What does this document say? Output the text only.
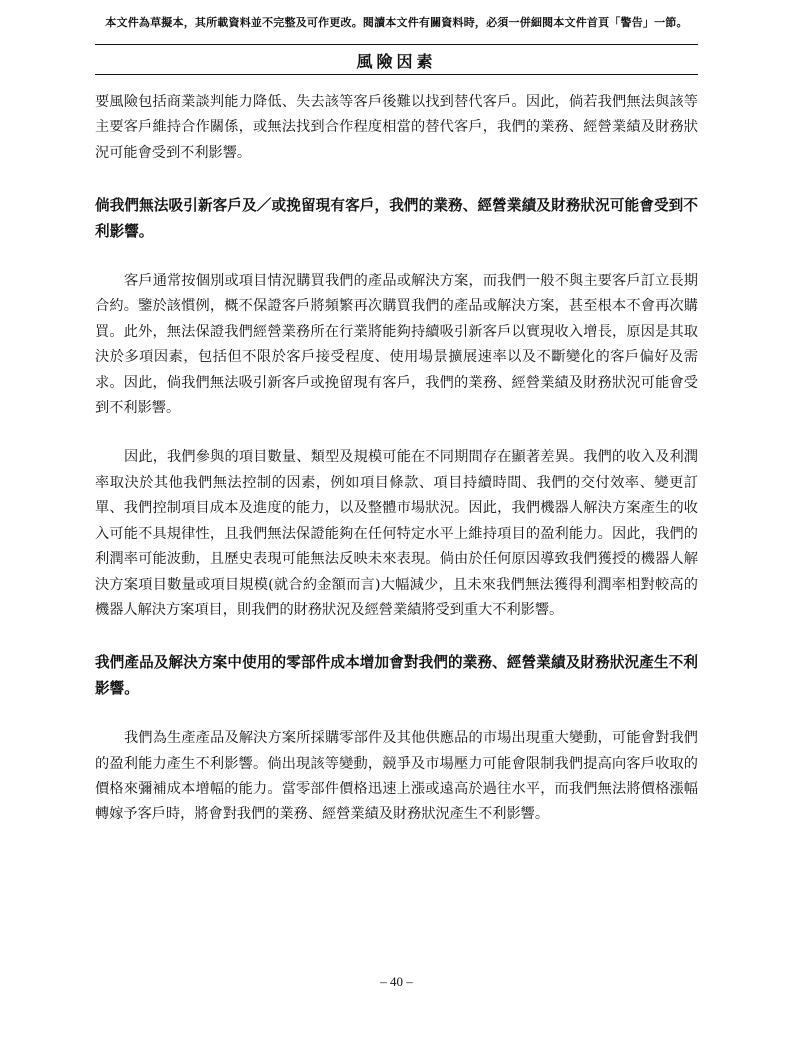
本文件為草擬本，其所載資料並不完整及可作更改。閱讀本文件有關資料時，必須一併細閱本文件首頁「警告」一節。
風險因素

要風險包括商業談判能力降低、失去該等客戶後難以找到替代客戶。因此，倘若我們無法與該等主要客戶維持合作關係，或無法找到合作程度相當的替代客戶，我們的業務、經營業績及財務狀況可能會受到不利影響。

倘我們無法吸引新客戶及／或挽留現有客戶，我們的業務、經營業績及財務狀況可能會受到不利影響。

客戶通常按個別或項目情況購買我們的產品或解決方案，而我們一般不與主要客戶訂立長期合約。鑒於該慣例，概不保證客戶將頻繁再次購買我們的產品或解決方案，甚至根本不會再次購買。此外，無法保證我們經營業務所在行業將能夠持續吸引新客戶以實現收入增長，原因是其取決於多項因素，包括但不限於客戶接受程度、使用場景擴展速率以及不斷變化的客戶偏好及需求。因此，倘我們無法吸引新客戶或挽留現有客戶，我們的業務、經營業績及財務狀況可能會受到不利影響。

因此，我們參與的項目數量、類型及規模可能在不同期間存在顯著差異。我們的收入及利潤率取決於其他我們無法控制的因素，例如項目條款、項目持續時間、我們的交付效率、變更訂單、我們控制項目成本及進度的能力，以及整體市場狀況。因此，我們機器人解決方案產生的收入可能不具規律性，且我們無法保證能夠在任何特定水平上維持項目的盈利能力。因此，我們的利潤率可能波動，且歷史表現可能無法反映未來表現。倘由於任何原因導致我們獲授的機器人解決方案項目數量或項目規模(就合約金額而言)大幅減少，且未來我們無法獲得利潤率相對較高的機器人解決方案項目，則我們的財務狀況及經營業績將受到重大不利影響。

我們產品及解決方案中使用的零部件成本增加會對我們的業務、經營業績及財務狀況產生不利影響。

我們為生產產品及解決方案所採購零部件及其他供應品的市場出現重大變動，可能會對我們的盈利能力產生不利影響。倘出現該等變動，競爭及市場壓力可能會限制我們提高向客戶收取的價格來彌補成本增幅的能力。當零部件價格迅速上漲或遠高於過往水平，而我們無法將價格漲幅轉嫁予客戶時，將會對我們的業務、經營業績及財務狀況產生不利影響。

– 40 –
